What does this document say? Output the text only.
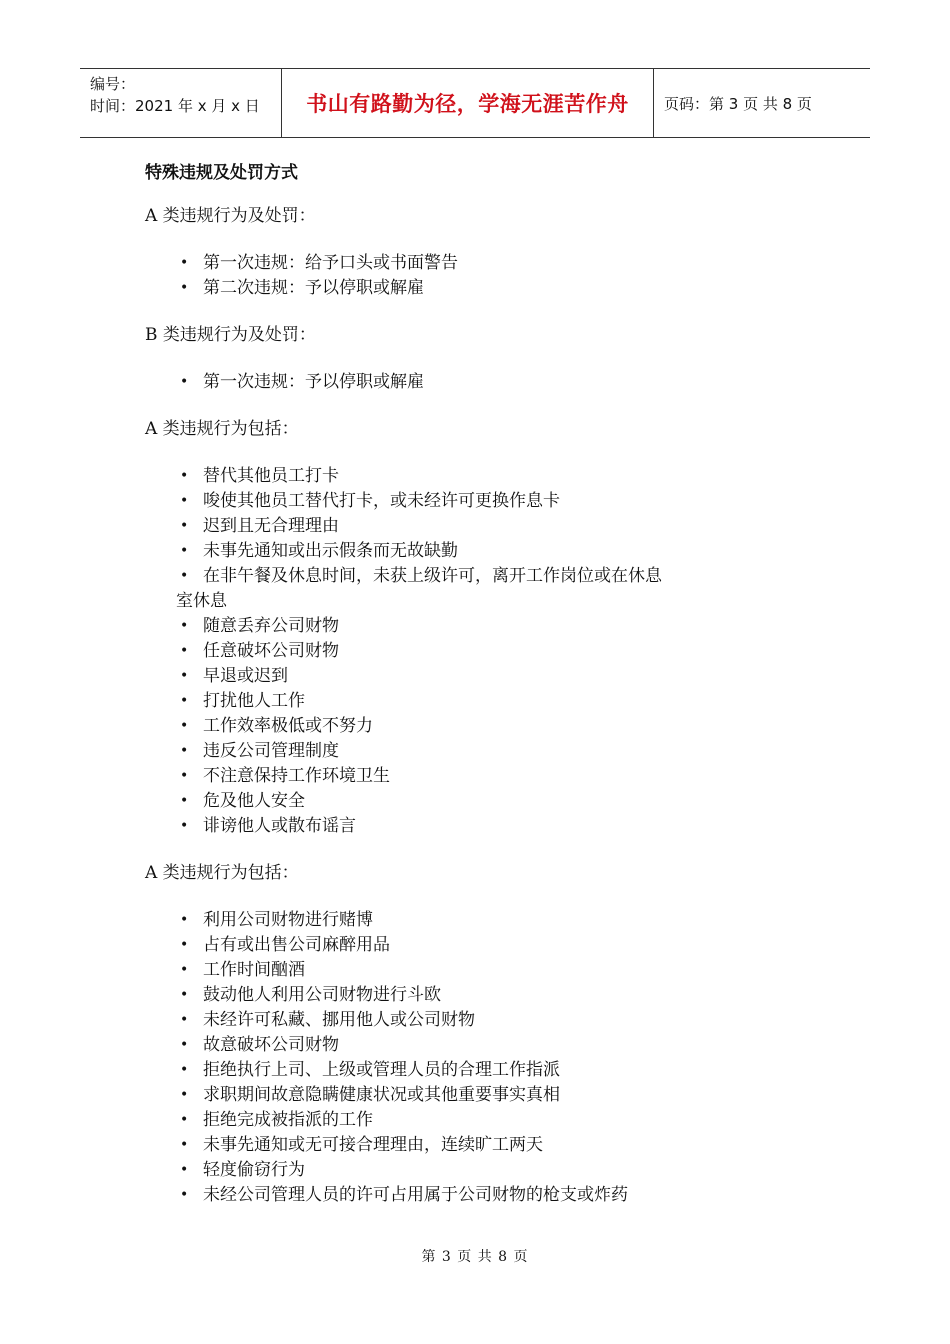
编号：
时间：2021 年 x 月 x 日	书山有路勤为径，学海无涯苦作舟	页码：第 3 页 共 8 页
特殊违规及处罚方式

A 类违规行为及处罚：

• 第一次违规：给予口头或书面警告
• 第二次违规：予以停职或解雇

B 类违规行为及处罚：

• 第一次违规：予以停职或解雇

A 类违规行为包括：

• 替代其他员工打卡
• 唆使其他员工替代打卡，或未经许可更换作息卡
• 迟到且无合理理由
• 未事先通知或出示假条而无故缺勤
• 在非午餐及休息时间，未获上级许可，离开工作岗位或在休息
室休息
• 随意丢弃公司财物
• 任意破坏公司财物
• 早退或迟到
• 打扰他人工作
• 工作效率极低或不努力
• 违反公司管理制度
• 不注意保持工作环境卫生
• 危及他人安全
• 诽谤他人或散布谣言

A 类违规行为包括：

• 利用公司财物进行赌博
• 占有或出售公司麻醉用品
• 工作时间酗酒
• 鼓动他人利用公司财物进行斗欧
• 未经许可私藏、挪用他人或公司财物
• 故意破坏公司财物
• 拒绝执行上司、上级或管理人员的合理工作指派
• 求职期间故意隐瞒健康状况或其他重要事实真相
• 拒绝完成被指派的工作
• 未事先通知或无可接合理理由，连续旷工两天
• 轻度偷窃行为
• 未经公司管理人员的许可占用属于公司财物的枪支或炸药
第 3 页 共 8 页
